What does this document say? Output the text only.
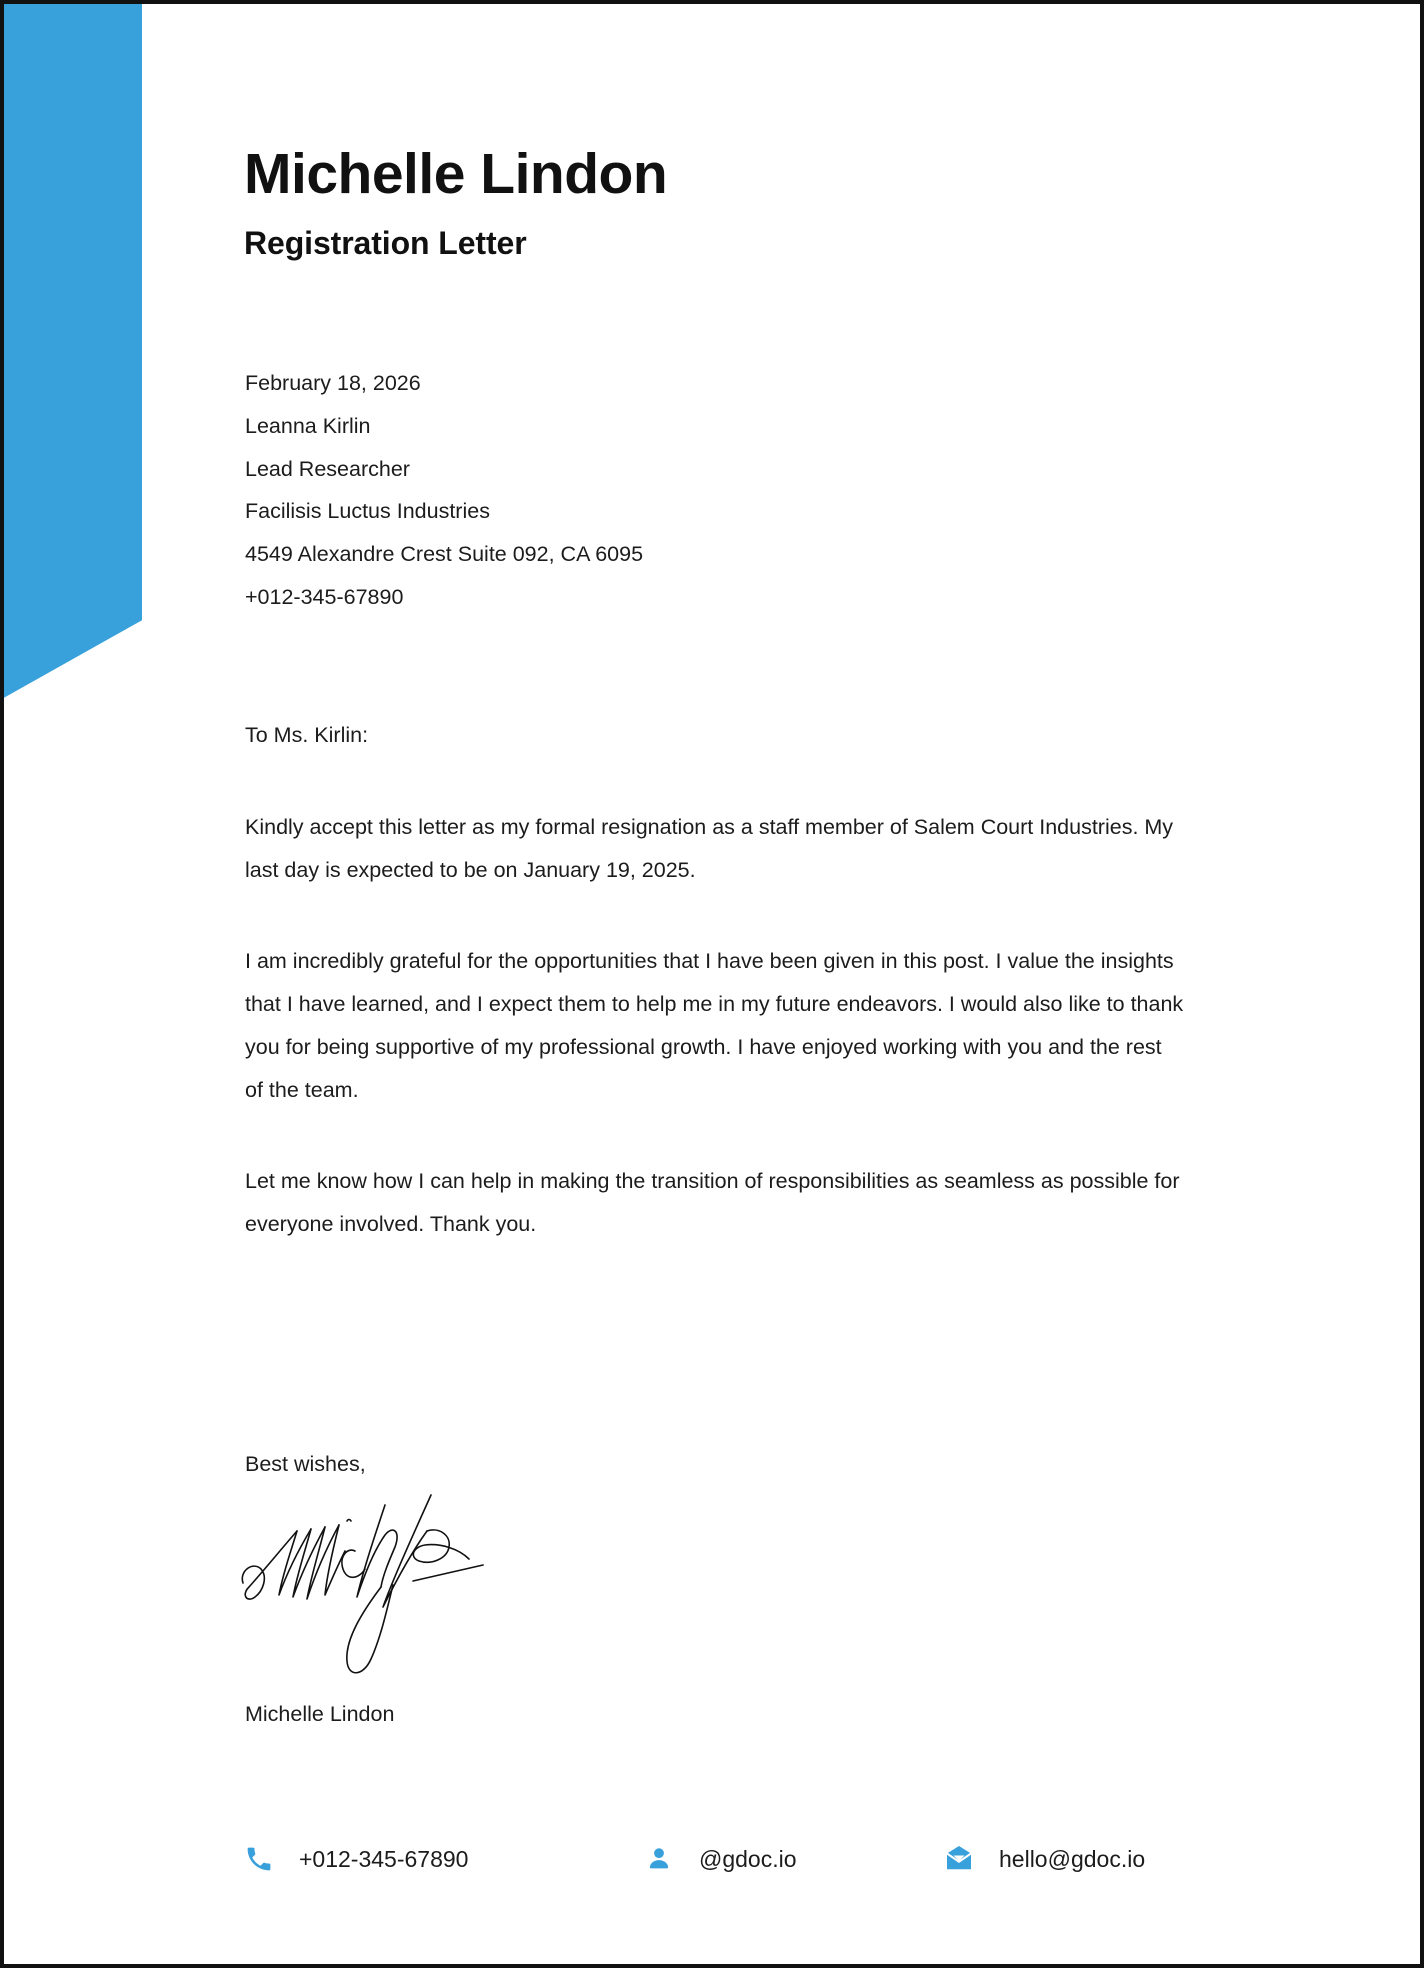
Michelle Lindon
Registration Letter
February 18, 2026
Leanna Kirlin
Lead Researcher
Facilisis Luctus Industries
4549 Alexandre Crest Suite 092, CA 6095
+012-345-67890

To Ms. Kirlin:

Kindly accept this letter as my formal resignation as a staff member of Salem Court Industries. My last day is expected to be on January 19, 2025.

I am incredibly grateful for the opportunities that I have been given in this post. I value the insights that I have learned, and I expect them to help me in my future endeavors. I would also like to thank you for being supportive of my professional growth. I have enjoyed working with you and the rest of the team.

Let me know how I can help in making the transition of responsibilities as seamless as possible for everyone involved. Thank you.

Best wishes,

Michelle Lindon

+012-345-67890	@gdoc.io	hello@gdoc.io
